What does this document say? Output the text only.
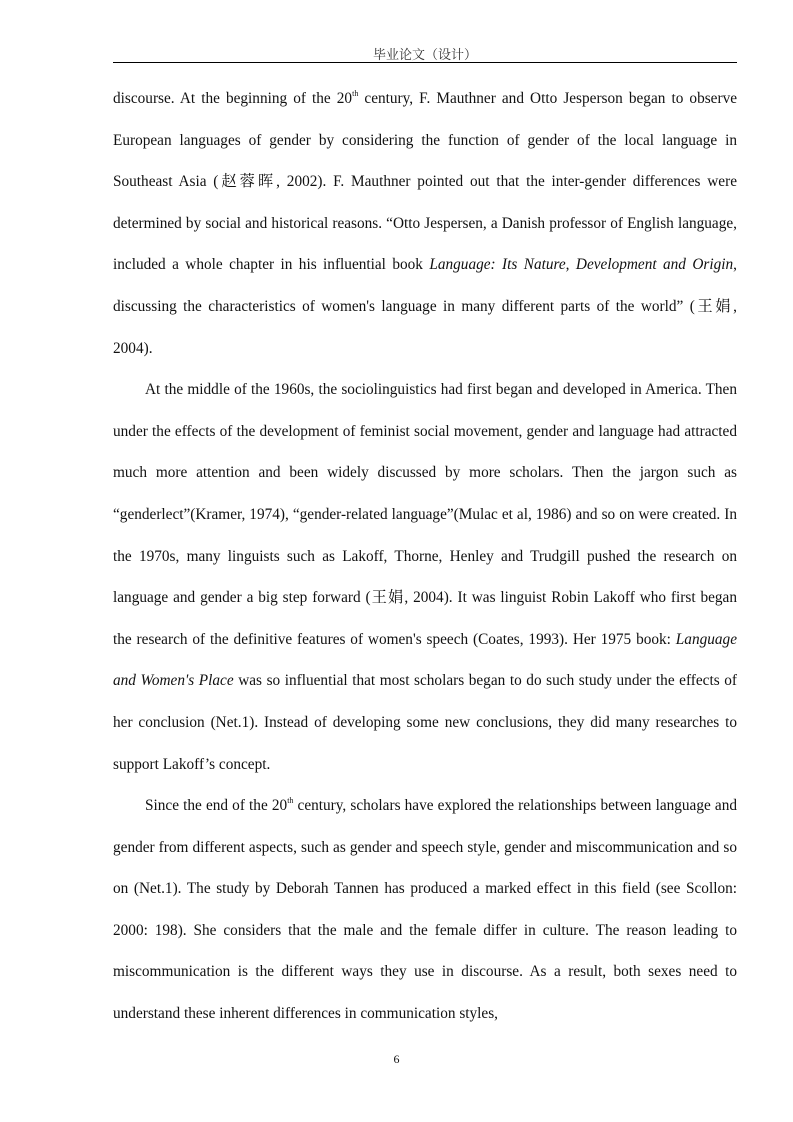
毕业论文（设计）

discourse. At the beginning of the 20th century, F. Mauthner and Otto Jesperson began to observe European languages of gender by considering the function of gender of the local language in Southeast Asia (赵蓉晖, 2002). F. Mauthner pointed out that the inter-gender differences were determined by social and historical reasons. “Otto Jespersen, a Danish professor of English language, included a whole chapter in his influential book Language: Its Nature, Development and Origin, discussing the characteristics of women's language in many different parts of the world” (王娟, 2004).

At the middle of the 1960s, the sociolinguistics had first began and developed in America. Then under the effects of the development of feminist social movement, gender and language had attracted much more attention and been widely discussed by more scholars. Then the jargon such as “genderlect”(Kramer, 1974), “gender-related language”(Mulac et al, 1986) and so on were created. In the 1970s, many linguists such as Lakoff, Thorne, Henley and Trudgill pushed the research on language and gender a big step forward (王娟, 2004). It was linguist Robin Lakoff who first began the research of the definitive features of women's speech (Coates, 1993). Her 1975 book: Language and Women's Place was so influential that most scholars began to do such study under the effects of her conclusion (Net.1). Instead of developing some new conclusions, they did many researches to support Lakoff’s concept.

Since the end of the 20th century, scholars have explored the relationships between language and gender from different aspects, such as gender and speech style, gender and miscommunication and so on (Net.1). The study by Deborah Tannen has produced a marked effect in this field (see Scollon: 2000: 198). She considers that the male and the female differ in culture. The reason leading to miscommunication is the different ways they use in discourse. As a result, both sexes need to understand these inherent differences in communication styles,

6
